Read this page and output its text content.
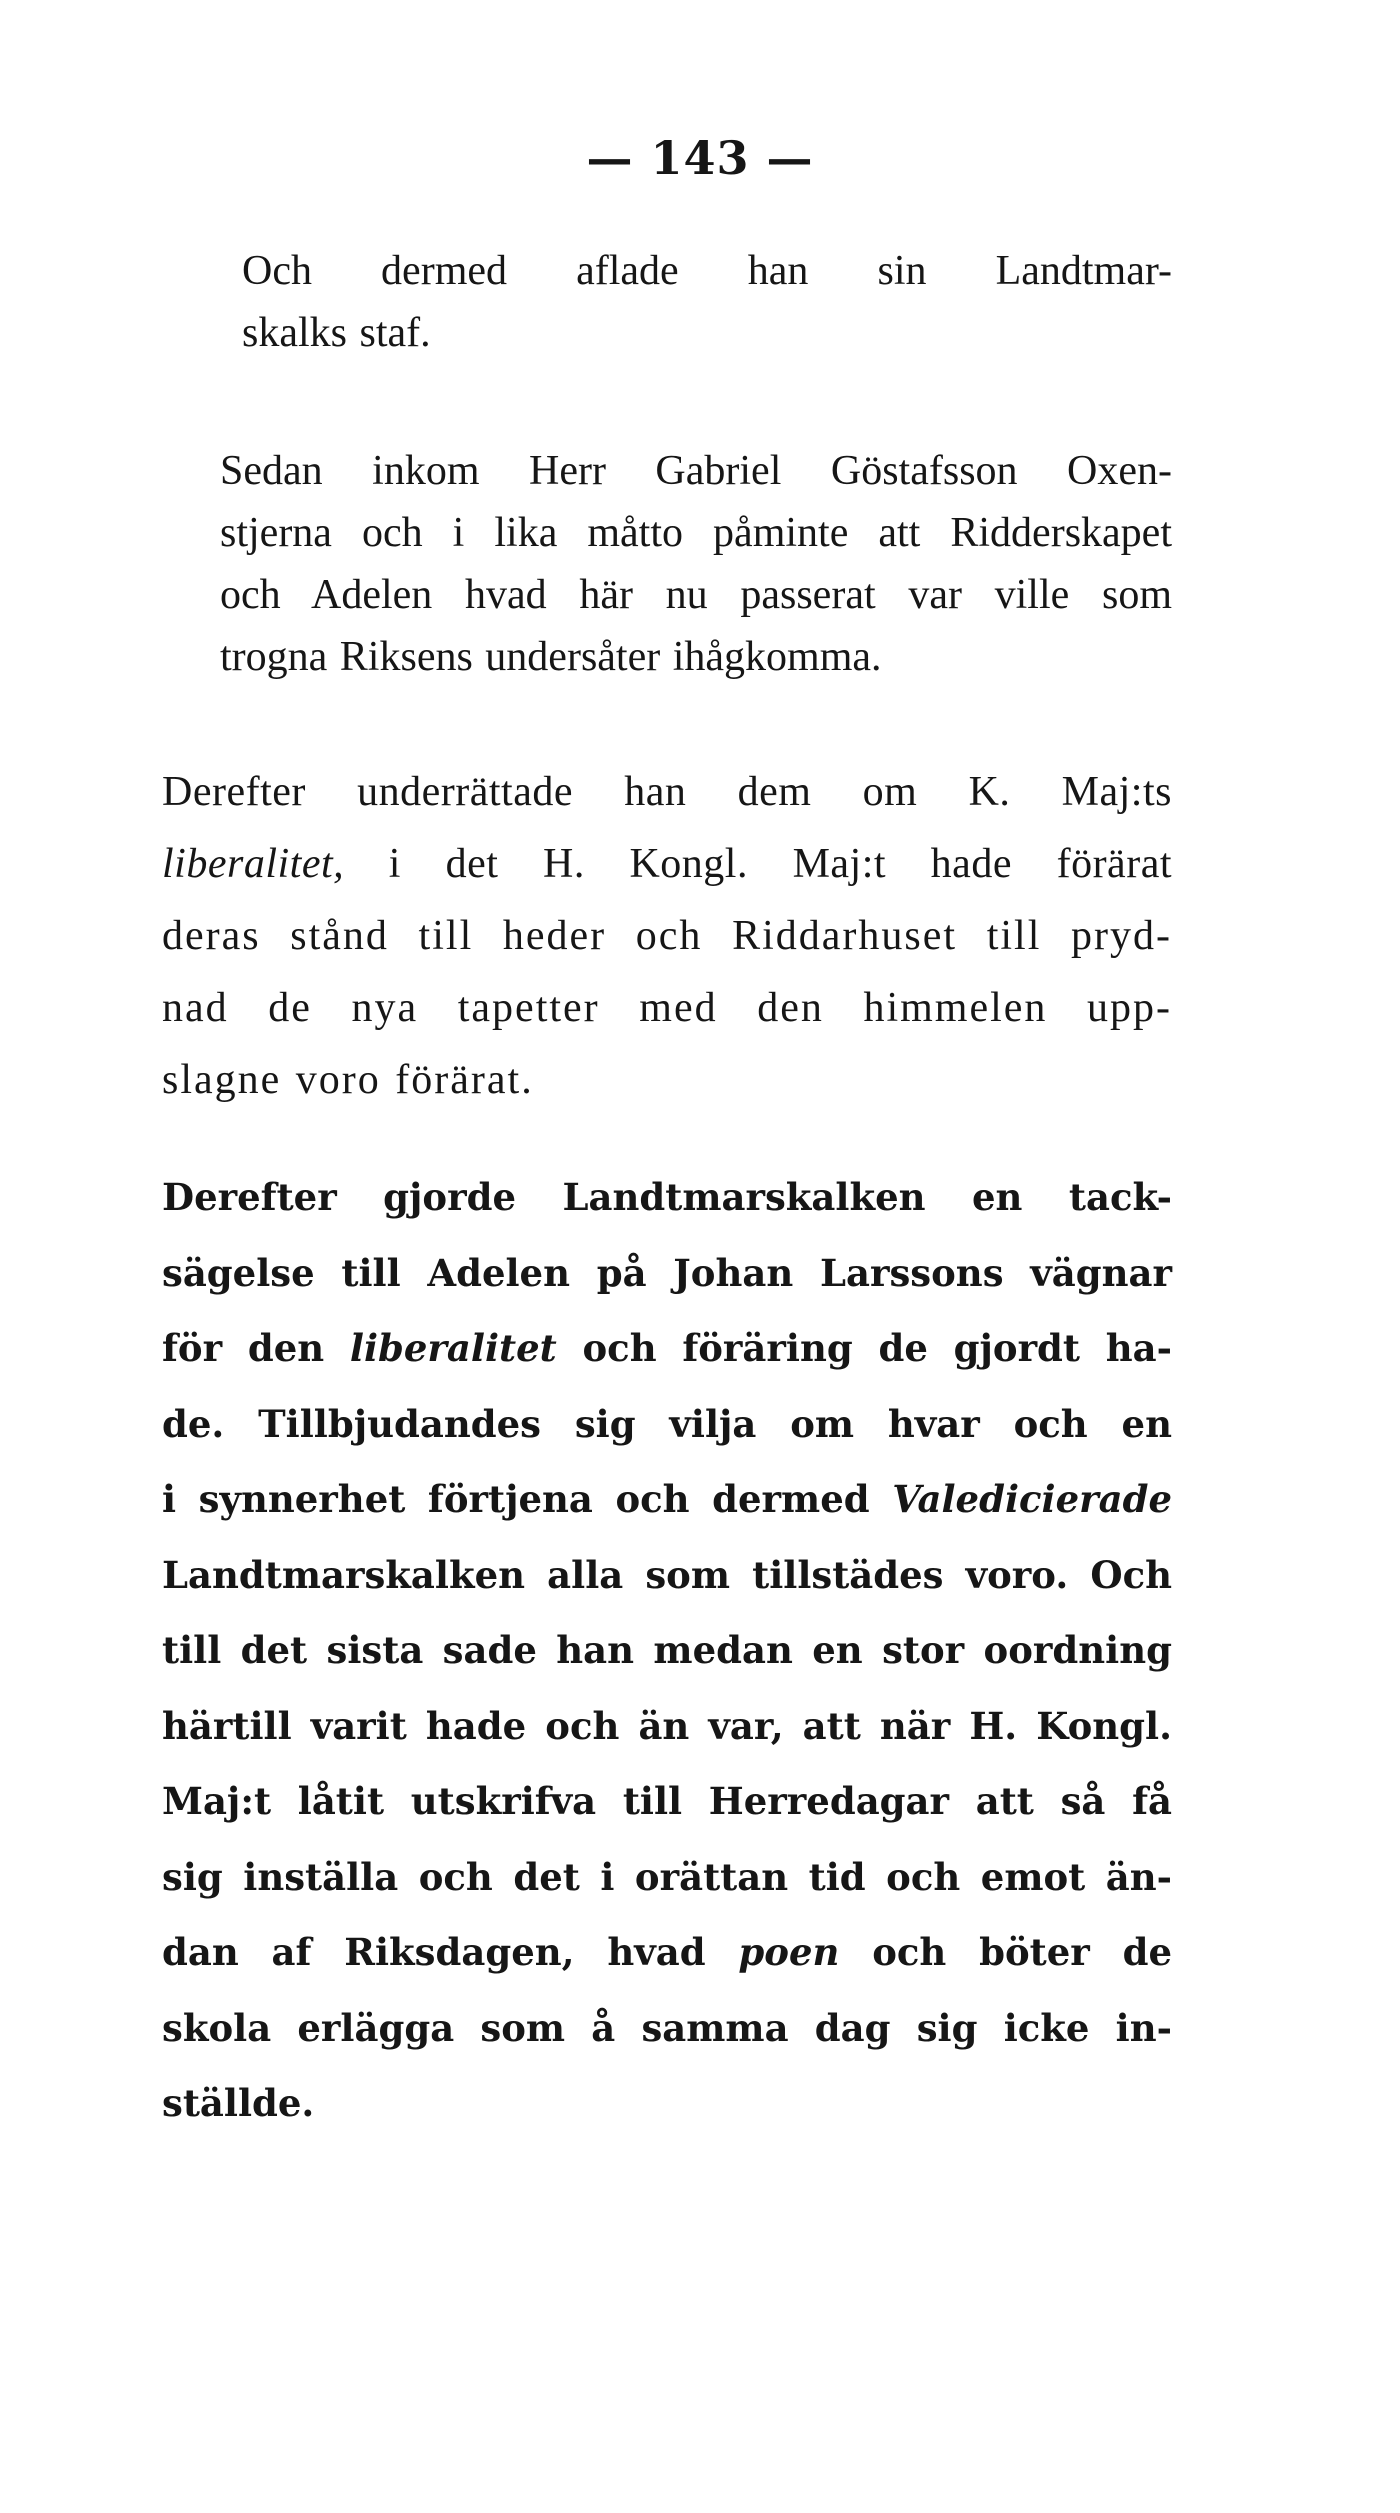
— 143 —
Och dermed aflade han sin Landtmar-
skalks staf.
Sedan inkom Herr Gabriel Göstafsson Oxen-
stjerna och i lika måtto påminte att Ridderskapet
och Adelen hvad här nu passerat var ville som
trogna Riksens undersåter ihågkomma.
Derefter underrättade han dem om K. Maj:ts
liberalitet, i det H. Kongl. Maj:t hade förärat
deras stånd till heder och Riddarhuset till pryd-
nad de nya tapetter med den himmelen upp-
slagne voro förärat.
Derefter gjorde Landtmarskalken en tack-
sägelse till Adelen på Johan Larssons vägnar
för den liberalitet och föräring de gjordt ha-
de. Tillbjudandes sig vilja om hvar och en
i synnerhet förtjena och dermed Valedicierade
Landtmarskalken alla som tillstädes voro. Och
till det sista sade han medan en stor oordning
härtill varit hade och än var, att när H. Kongl.
Maj:t låtit utskrifva till Herredagar att så få
sig inställa och det i orättan tid och emot än-
dan af Riksdagen, hvad poen och böter de
skola erlägga som å samma dag sig icke in-
ställde.
